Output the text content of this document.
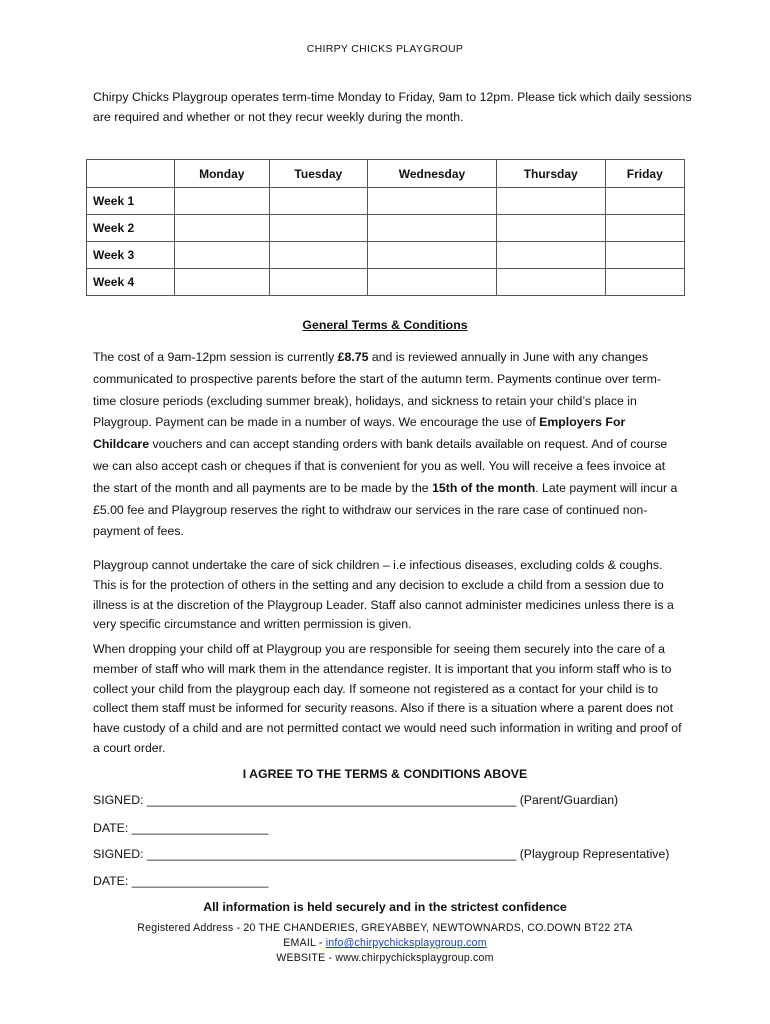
CHIRPY CHICKS PLAYGROUP
Chirpy Chicks Playgroup operates term-time Monday to Friday, 9am to 12pm. Please tick which daily sessions are required and whether or not they recur weekly during the month.
	Monday	Tuesday	Wednesday	Thursday	Friday
Week 1					
Week 2					
Week 3					
Week 4					
General Terms & Conditions
The cost of a 9am-12pm session is currently £8.75 and is reviewed annually in June with any changes communicated to prospective parents before the start of the autumn term. Payments continue over term-time closure periods (excluding summer break), holidays, and sickness to retain your child’s place in Playgroup. Payment can be made in a number of ways. We encourage the use of Employers For Childcare vouchers and can accept standing orders with bank details available on request. And of course we can also accept cash or cheques if that is convenient for you as well. You will receive a fees invoice at the start of the month and all payments are to be made by the 15th of the month. Late payment will incur a £5.00 fee and Playgroup reserves the right to withdraw our services in the rare case of continued non-payment of fees.
Playgroup cannot undertake the care of sick children – i.e infectious diseases, excluding colds & coughs. This is for the protection of others in the setting and any decision to exclude a child from a session due to illness is at the discretion of the Playgroup Leader. Staff also cannot administer medicines unless there is a very specific circumstance and written permission is given.
When dropping your child off at Playgroup you are responsible for seeing them securely into the care of a member of staff who will mark them in the attendance register. It is important that you inform staff who is to collect your child from the playgroup each day. If someone not registered as a contact for your child is to collect them staff must be informed for security reasons. Also if there is a situation where a parent does not have custody of a child and are not permitted contact we would need such information in writing and proof of a court order.
I AGREE TO THE TERMS & CONDITIONS ABOVE
SIGNED: ______________________________________________________ (Parent/Guardian)
DATE: ____________________
SIGNED: ______________________________________________________ (Playgroup Representative)
DATE: ____________________
All information is held securely and in the strictest confidence
Registered Address - 20 THE CHANDERIES, GREYABBEY, NEWTOWNARDS, CO.DOWN BT22 2TA
EMAIL - info@chirpychicksplaygroup.com
WEBSITE - www.chirpychicksplaygroup.com
